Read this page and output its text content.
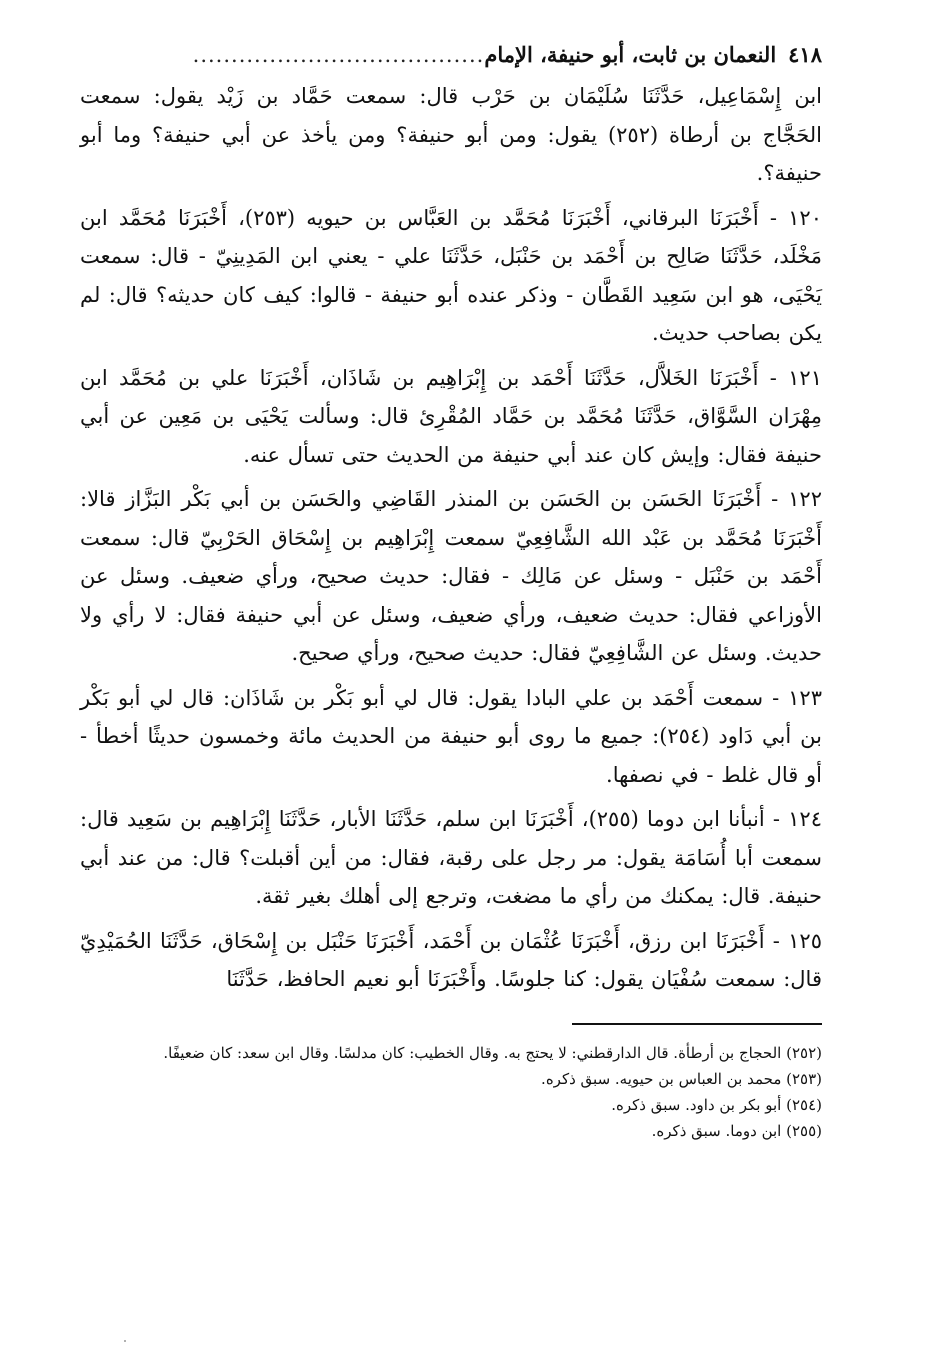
٤١٨
النعمان بن ثابت، أبو حنيفة، الإمام
......................................

ابن إِسْمَاعِيل، حَدَّثَنَا سُلَيْمَان بن حَرْب قال: سمعت حَمَّاد بن زَيْد يقول: سمعت الحَجَّاج بن أرطاة (٢٥٢) يقول: ومن أبو حنيفة؟ ومن يأخذ عن أبي حنيفة؟ وما أبو حنيفة؟.

١٢٠ - أَخْبَرَنَا البرقاني، أَخْبَرَنَا مُحَمَّد بن العَبَّاس بن حيويه (٢٥٣)، أَخْبَرَنَا مُحَمَّد ابن مَخْلَد، حَدَّثَنَا صَالِح بن أَحْمَد بن حَنْبَل، حَدَّثَنَا علي - يعني ابن المَدِينِيّ - قال: سمعت يَحْيَى، هو ابن سَعِيد القَطَّان - وذكر عنده أبو حنيفة - قالوا: كيف كان حديثه؟ قال: لم يكن بصاحب حديث.

١٢١ - أَخْبَرَنَا الخَلاَّل، حَدَّثَنَا أَحْمَد بن إِبْرَاهِيم بن شَاذَان، أَخْبَرَنَا علي بن مُحَمَّد ابن مِهْرَان السَّوَّاق، حَدَّثَنَا مُحَمَّد بن حَمَّاد المُقْرِئ قال: وسألت يَحْيَى بن مَعِين عن أبي حنيفة فقال: وإيش كان عند أبي حنيفة من الحديث حتى تسأل عنه.

١٢٢ - أَخْبَرَنَا الحَسَن بن الحَسَن بن المنذر القَاضِي والحَسَن بن أبي بَكْر البَزَّاز قالا: أَخْبَرَنَا مُحَمَّد بن عَبْد الله الشَّافِعِيّ سمعت إِبْرَاهِيم بن إِسْحَاق الحَرْبِيّ قال: سمعت أَحْمَد بن حَنْبَل - وسئل عن مَالِك - فقال: حديث صحيح، ورأي ضعيف. وسئل عن الأوزاعي فقال: حديث ضعيف، ورأي ضعيف، وسئل عن أبي حنيفة فقال: لا رأي ولا حديث. وسئل عن الشَّافِعِيّ فقال: حديث صحيح، ورأي صحيح.

١٢٣ - سمعت أَحْمَد بن علي البادا يقول: قال لي أبو بَكْر بن شَاذَان: قال لي أبو بَكْر بن أبي دَاود (٢٥٤): جميع ما روى أبو حنيفة من الحديث مائة وخمسون حديثًا أخطأ - أو قال غلط - في نصفها.

١٢٤ - أنبأنا ابن دوما (٢٥٥)، أَخْبَرَنَا ابن سلم، حَدَّثَنَا الأبار، حَدَّثَنَا إِبْرَاهِيم بن سَعِيد قال: سمعت أبا أُسَامَة يقول: مر رجل على رقبة، فقال: من أين أقبلت؟ قال: من عند أبي حنيفة. قال: يمكنك من رأي ما مضغت، وترجع إلى أهلك بغير ثقة.

١٢٥ - أَخْبَرَنَا ابن رزق، أَخْبَرَنَا عُثْمَان بن أَحْمَد، أَخْبَرَنَا حَنْبَل بن إِسْحَاق، حَدَّثَنَا الحُمَيْدِيّ قال: سمعت سُفْيَان يقول: كنا جلوسًا. وأَخْبَرَنَا أبو نعيم الحافظ، حَدَّثَنَا

(٢٥٢) الحجاج بن أرطأة. قال الدارقطني: لا يحتج به. وقال الخطيب: كان مدلسًا. وقال ابن سعد: كان ضعيفًا.

(٢٥٣) محمد بن العباس بن حيويه. سبق ذكره.

(٢٥٤) أبو بكر بن داود. سبق ذكره.

(٢٥٥) ابن دوما. سبق ذكره.
